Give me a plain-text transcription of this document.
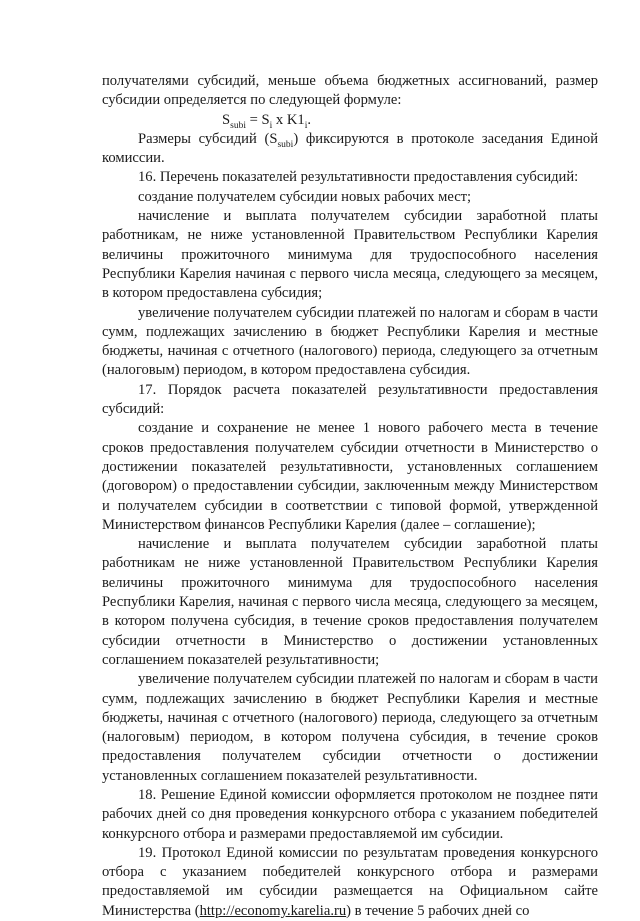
получателями субсидий, меньше объема бюджетных ассигнований, размер субсидии определяется по следующей формуле:

$S_{subi} = S_i$ x $K1_i$.

Размеры субсидий $(S_{subi})$ фиксируются в протоколе заседания Единой комиссии.

16. Перечень показателей результативности предоставления субсидий:

создание получателем субсидии новых рабочих мест;

начисление и выплата получателем субсидии заработной платы работникам, не ниже установленной Правительством Республики Карелия величины прожиточного минимума для трудоспособного населения Республики Карелия начиная с первого числа месяца, следующего за месяцем, в котором предоставлена субсидия;

увеличение получателем субсидии платежей по налогам и сборам в части сумм, подлежащих зачислению в бюджет Республики Карелия и местные бюджеты, начиная с отчетного (налогового) периода, следующего за отчетным (налоговым) периодом, в котором предоставлена субсидия.

17. Порядок расчета показателей результативности предоставления субсидий:

создание и сохранение не менее 1 нового рабочего места в течение сроков предоставления получателем субсидии отчетности в Министерство о достижении показателей результативности, установленных соглашением (договором) о предоставлении субсидии, заключенным между Министерством и получателем субсидии в соответствии с типовой формой, утвержденной Министерством финансов Республики Карелия (далее – соглашение);

начисление и выплата получателем субсидии заработной платы работникам не ниже установленной Правительством Республики Карелия величины прожиточного минимума для трудоспособного населения Республики Карелия, начиная с первого числа месяца, следующего за месяцем, в котором получена субсидия, в течение сроков предоставления получателем субсидии отчетности в Министерство о достижении установленных соглашением показателей результативности;

увеличение получателем субсидии платежей по налогам и сборам в части сумм, подлежащих зачислению в бюджет Республики Карелия и местные бюджеты, начиная с отчетного (налогового) периода, следующего за отчетным (налоговым) периодом, в котором получена субсидия, в течение сроков предоставления получателем субсидии отчетности о достижении установленных соглашением показателей результативности.

18. Решение Единой комиссии оформляется протоколом не позднее пяти рабочих дней со дня проведения конкурсного отбора с указанием победителей конкурсного отбора и размерами предоставляемой им субсидии.

19. Протокол Единой комиссии по результатам проведения конкурсного отбора с указанием победителей конкурсного отбора и размерами предоставляемой им субсидии размещается на Официальном сайте Министерства (http://economy.karelia.ru) в течение 5 рабочих дней со
